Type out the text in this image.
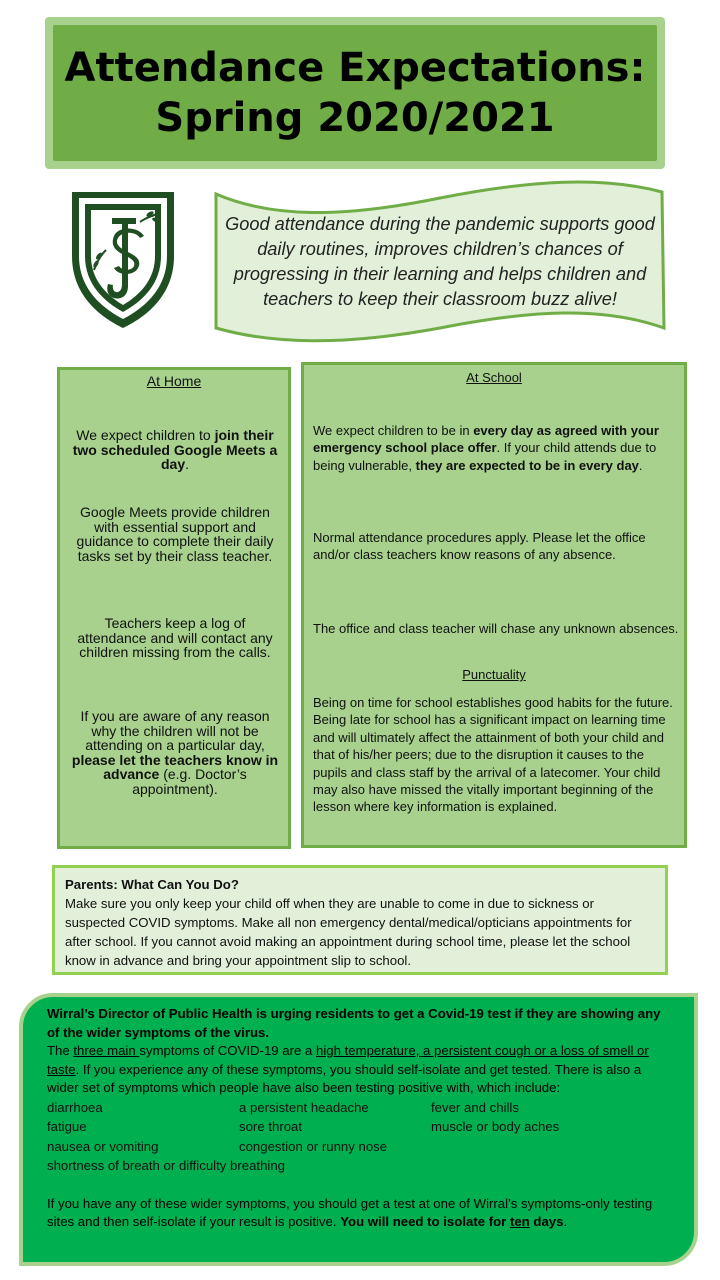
Attendance Expectations:
Spring 2020/2021
Good attendance during the pandemic supports good daily routines, improves children’s chances of progressing in their learning and helps children and teachers to keep their classroom buzz alive!
At Home
We expect children to join their two scheduled Google Meets a day.
Google Meets provide children with essential support and guidance to complete their daily tasks set by their class teacher.
Teachers keep a log of attendance and will contact any children missing from the calls.
If you are aware of any reason why the children will not be attending on a particular day, please let the teachers know in advance (e.g. Doctor’s appointment).
At School
We expect children to be in every day as agreed with your emergency school place offer. If your child attends due to being vulnerable, they are expected to be in every day.
Normal attendance procedures apply. Please let the office and/or class teachers know reasons of any absence.
The office and class teacher will chase any unknown absences.
Punctuality
Being on time for school establishes good habits for the future. Being late for school has a significant impact on learning time and will ultimately affect the attainment of both your child and that of his/her peers; due to the disruption it causes to the pupils and class staff by the arrival of a latecomer. Your child may also have missed the vitally important beginning of the lesson where key information is explained.
Parents: What Can You Do?
Make sure you only keep your child off when they are unable to come in due to sickness or suspected COVID symptoms. Make all non emergency dental/medical/opticians appointments for after school. If you cannot avoid making an appointment during school time, please let the school know in advance and bring your appointment slip to school.
Wirral’s Director of Public Health is urging residents to get a Covid-19 test if they are showing any of the wider symptoms of the virus.
The three main symptoms of COVID-19 are a high temperature, a persistent cough or a loss of smell or taste. If you experience any of these symptoms, you should self-isolate and get tested. There is also a wider set of symptoms which people have also been testing positive with, which include:
diarrhoea	a persistent headache	fever and chills
fatigue	sore throat	muscle or body aches
nausea or vomiting	congestion or runny nose
shortness of breath or difficulty breathing
If you have any of these wider symptoms, you should get a test at one of Wirral’s symptoms-only testing sites and then self-isolate if your result is positive. You will need to isolate for ten days.
